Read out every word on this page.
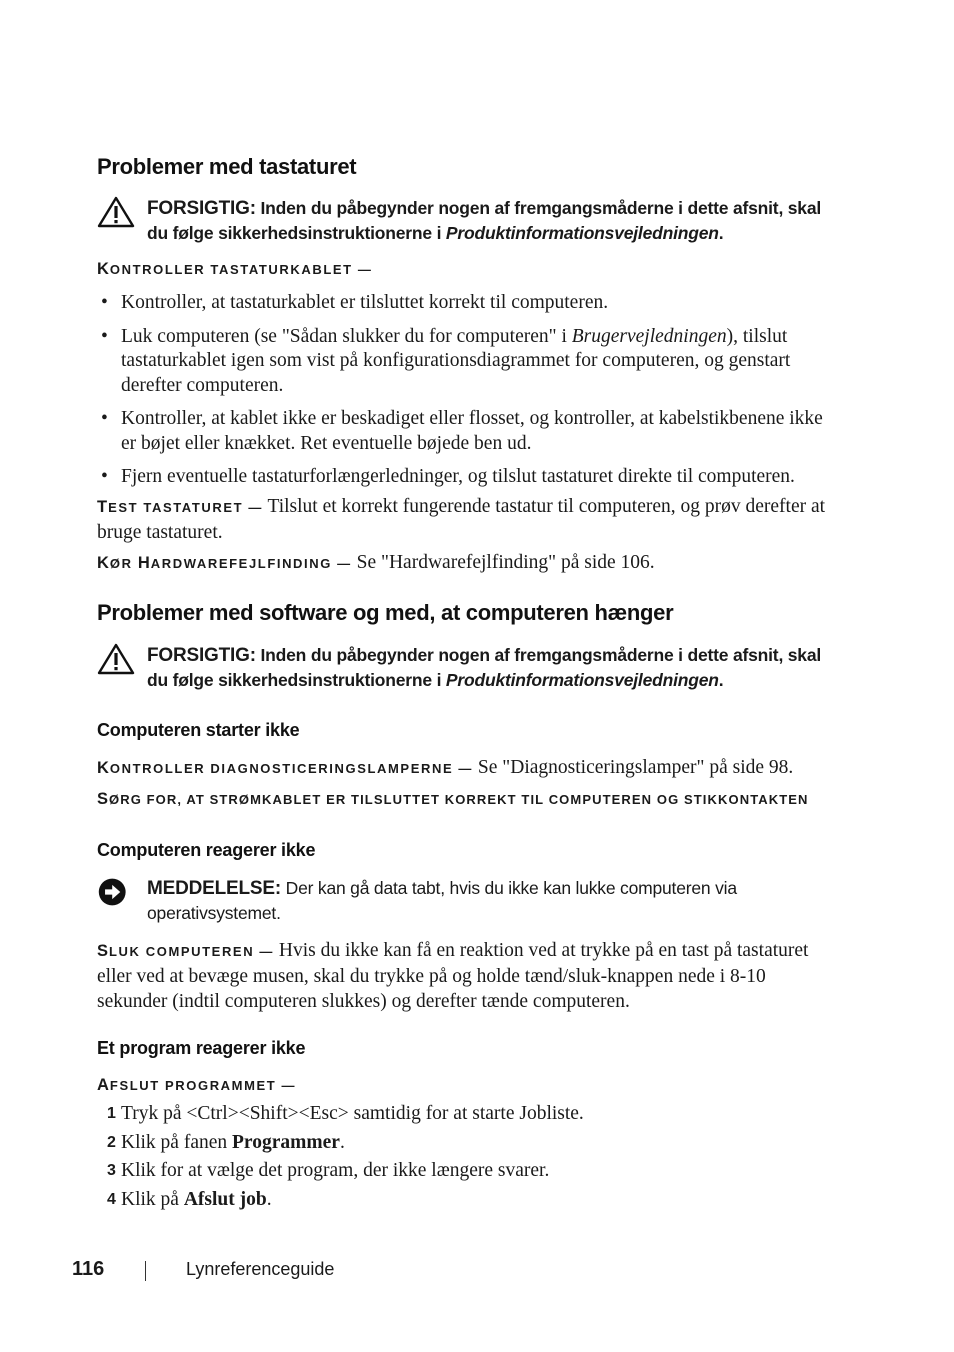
Problemer med tastaturet
FORSIGTIG: Inden du påbegynder nogen af fremgangsmåderne i dette afsnit, skal du følge sikkerhedsinstruktionerne i Produktinformationsvejledningen.
KONTROLLER TASTATURKABLET —
• Kontroller, at tastaturkablet er tilsluttet korrekt til computeren.
• Luk computeren (se "Sådan slukker du for computeren" i Brugervejledningen), tilslut tastaturkablet igen som vist på konfigurationsdiagrammet for computeren, og genstart derefter computeren.
• Kontroller, at kablet ikke er beskadiget eller flosset, og kontroller, at kabelstikbenene ikke er bøjet eller knækket. Ret eventuelle bøjede ben ud.
• Fjern eventuelle tastaturforlængerledninger, og tilslut tastaturet direkte til computeren.
TEST TASTATURET — Tilslut et korrekt fungerende tastatur til computeren, og prøv derefter at bruge tastaturet.
KØR HARDWAREFEJLFINDING — Se "Hardwarefejlfinding" på side 106.
Problemer med software og med, at computeren hænger
FORSIGTIG: Inden du påbegynder nogen af fremgangsmåderne i dette afsnit, skal du følge sikkerhedsinstruktionerne i Produktinformationsvejledningen.
Computeren starter ikke
KONTROLLER DIAGNOSTICERINGSLAMPERNE — Se "Diagnosticeringslamper" på side 98.
SØRG FOR, AT STRØMKABLET ER TILSLUTTET KORREKT TIL COMPUTEREN OG STIKKONTAKTEN
Computeren reagerer ikke
MEDDELELSE: Der kan gå data tabt, hvis du ikke kan lukke computeren via operativsystemet.
SLUK COMPUTEREN — Hvis du ikke kan få en reaktion ved at trykke på en tast på tastaturet eller ved at bevæge musen, skal du trykke på og holde tænd/sluk-knappen nede i 8-10 sekunder (indtil computeren slukkes) og derefter tænde computeren.
Et program reagerer ikke
AFSLUT PROGRAMMET —
1 Tryk på <Ctrl><Shift><Esc> samtidig for at starte Jobliste.
2 Klik på fanen Programmer.
3 Klik for at vælge det program, der ikke længere svarer.
4 Klik på Afslut job.
116	Lynreferenceguide
